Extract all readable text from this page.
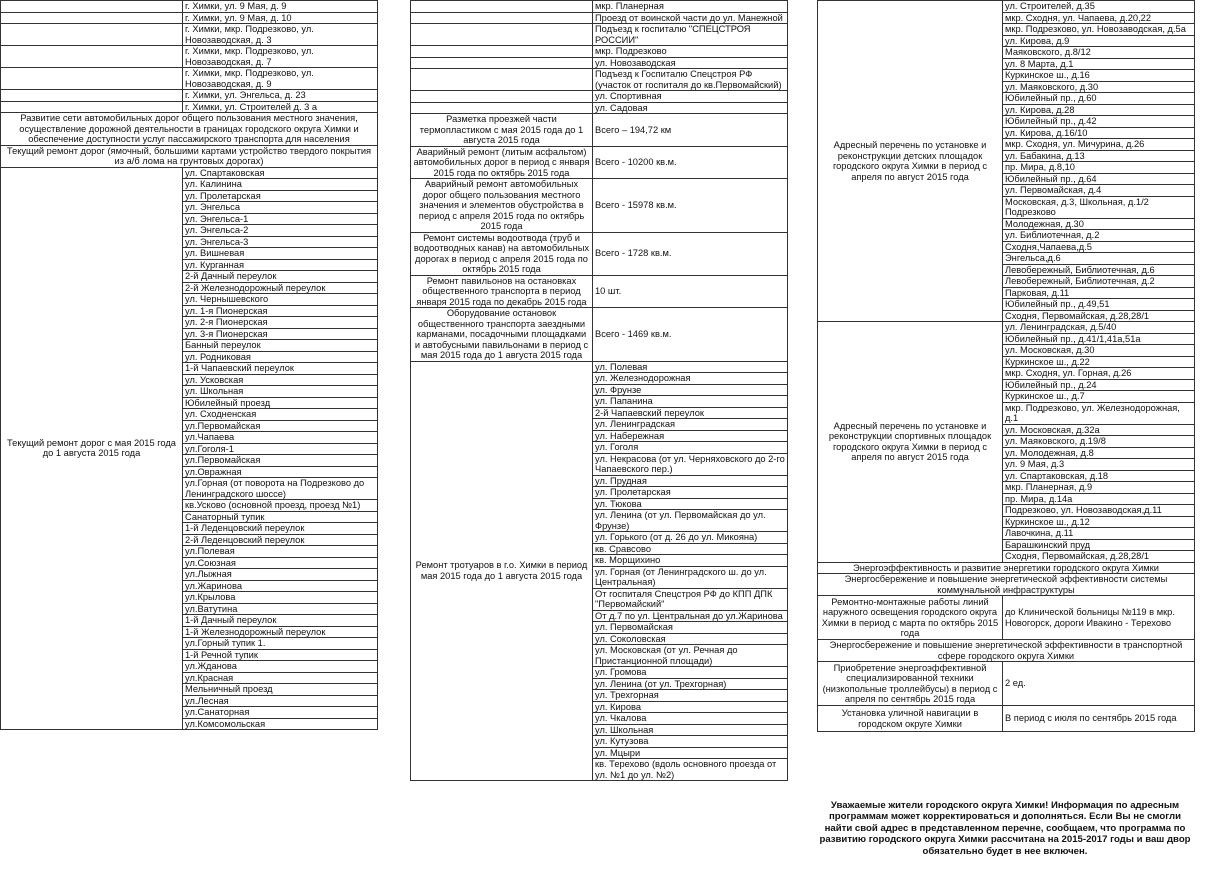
	г. Химки, ул. 9 Мая, д. 9
	г. Химки, ул. 9 Мая, д. 10
	г. Химки, мкр. Подрезково, ул. Новозаводская, д. 3
	г. Химки, мкр. Подрезково, ул. Новозаводская, д. 7
	г. Химки, мкр. Подрезково, ул. Новозаводская, д. 9
	г. Химки, ул. Энгельса, д. 23
	г. Химки, ул. Строителей д. 3 а
Развитие сети автомобильных дорог общего пользования местного значения, осуществление дорожной деятельности в границах городского округа Химки и обеспечение доступности услуг пассажирского транспорта для населения	
Текущий ремонт дорог (ямочный, большими картами устройство твердого покрытия из а/б лома на грунтовых дорогах)	
Текущий ремонт дорог с мая 2015 года до 1 августа 2015 года	ул. Спартаковская
	ул. Калинина
	ул. Пролетарская
	ул. Энгельса
	ул. Энгельса-1
	ул. Энгельса-2
	ул. Энгельса-3
	ул. Вишневая
	ул. Курганная
	2-й Дачный переулок
	2-й Железнодорожный переулок
	ул. Чернышевского
	ул. 1-я Пионерская
	ул. 2-я Пионерская
	ул. 3-я Пионерская
	Банный переулок
	ул. Родниковая
	1-й Чапаевский переулок
	ул. Усковская
	ул. Школьная
	Юбилейный проезд
	ул. Сходненская
	ул.Первомайская
	ул.Чапаева
	ул.Гоголя-1
	ул.Первомайская
	ул.Овражная
	ул.Горная (от поворота на Подрезково до Ленинградского шоссе)
	кв.Усково (основной проезд, проезд №1)
	Санаторный тупик
	1-й Леденцовский переулок
	2-й Леденцовский переулок
	ул.Полевая
	ул.Союзная
	ул.Лыжная
	ул.Жаринова
	ул.Крылова
	ул.Ватутина
	1-й Дачный переулок
	1-й Железнодорожный переулок
	ул.Горный тупик 1.
	1-й Речной тупик
	ул.Жданова
	ул.Красная
	Мельничный проезд
	ул.Лесная
	ул.Санаторная
	ул.Комсомольская
	мкр. Планерная
	Проезд от воинской части до ул. Манежной
	Подъезд к госпиталю "СПЕЦСТРОЯ РОССИИ"
	мкр. Подрезково
	ул. Новозаводская
	Подъезд к Госпиталю Спецстроя РФ (участок от госпиталя до кв.Первомайский)
	ул. Спортивная
	ул. Садовая
Разметка проезжей части термопластиком с мая 2015 года до 1 августа 2015 года	Всего – 194,72 км
Аварийный ремонт (литым асфальтом) автомобильных дорог в период с января 2015 года по октябрь 2015 года	Всего - 10200 кв.м.
Аварийный ремонт автомобильных дорог общего пользования местного значения и элементов обустройства в период с апреля 2015 года по октябрь 2015 года	Всего - 15978 кв.м.
Ремонт системы водоотвода (труб и водоотводных канав) на автомобильных дорогах в период с апреля 2015 года по октябрь 2015 года	Всего - 1728 кв.м.
Ремонт павильонов на остановках общественного транспорта в период января 2015 года по декабрь 2015 года	10 шт.
Оборудование остановок общественного транспорта заездными карманами, посадочными площадками и автобусными павильонами в период с мая 2015 года до 1 августа 2015 года	Всего - 1469 кв.м.
Ремонт тротуаров в г.о. Химки в период мая 2015 года до 1 августа 2015 года	ул. Полевая
	ул. Железнодорожная
	ул. Фрунзе
	ул. Папанина
	2-й Чапаевский переулок
	ул. Ленинградская
	ул. Набережная
	ул. Гоголя
	ул. Некрасова (от ул. Черняховского до 2-го Чапаевского пер.)
	ул. Прудная
	ул. Пролетарская
	ул. Тюкова
	ул. Ленина (от ул. Первомайская до ул. Фрунзе)
	ул. Горького (от д. 26 до ул. Микояна)
	кв. Сравсово
	кв. Морщихино
	ул. Горная (от Ленинградского ш. до ул. Центральная)
	От госпиталя Спецстроя РФ до КПП ДПК "Первомайский"
	От д.7 по ул. Центральная до ул.Жаринова
	ул. Первомайская
	ул. Соколовская
	ул. Московская (от ул. Речная до Пристанционной площади)
	ул. Громова
	ул. Ленина (от ул. Трехгорная)
	ул. Трехгорная
	ул. Кирова
	ул. Чкалова
	ул. Школьная
	ул. Кутузова
	ул. Мцыри
	кв. Терехово (вдоль основного проезда от ул. №1 до ул. №2)
Адресный перечень по установке и реконструкции детских площадок городского округа Химки в период с апреля по август 2015 года	ул. Строителей, д.35
	мкр. Сходня, ул. Чапаева, д.20,22
	мкр. Подрезково, ул. Новозаводская, д.5а
	ул. Кирова, д.9
	Маяковского, д.8/12
	ул. 8 Марта, д.1
	Куркинское ш., д.16
	ул. Маяковского, д.30
	Юбилейный пр., д.60
	ул. Кирова, д.28
	Юбилейный пр., д.42
	ул. Кирова, д.16/10
	мкр. Сходня, ул. Мичурина, д.26
	ул. Бабакина, д.13
	пр. Мира, д.8,10
	Юбилейный пр., д.64
	ул. Первомайская, д.4
	Московская, д.3, Школьная, д.1/2 Подрезково
	Молодежная, д.30
	ул. Библиотечная, д.2
	Сходня,Чапаева,д.5
	Энгельса,д.6
	Левобережный, Библиотечная, д.6
	Левобережный, Библиотечная, д.2
	Парковая, д.11
	Юбилейный пр., д.49,51
	Сходня, Первомайская, д.28,28/1
Адресный перечень по установке и реконструкции спортивных площадок городского округа Химки в период с апреля по август 2015 года	ул. Ленинградская, д.5/40
	Юбилейный пр., д.41/1,41а,51а
	ул. Московская, д.30
	Куркинское ш., д.22
	мкр. Сходня, ул. Горная, д.26
	Юбилейный пр., д.24
	Куркинское ш., д.7
	мкр. Подрезково, ул. Железнодорожная, д.1
	ул. Московская, д.32а
	ул. Маяковского, д.19/8
	ул. Молодежная, д.8
	ул. 9 Мая, д.3
	ул. Спартаковская, д.18
	мкр. Планерная, д.9
	пр. Мира, д.14а
	Подрезково, ул. Новозаводская,д.11
	Куркинское ш., д.12
	Лавочкина, д.11
	Барашкинский пруд
	Сходня, Первомайская, д.28,28/1
Энергоэффективность и развитие энергетики городского округа Химки	
Энергосбережение и повышение энергетической эффективности системы коммунальной инфраструктуры	
Ремонтно-монтажные работы линий наружного освещения городского округа Химки в период с марта по октябрь 2015 года	до Клинической больницы №119 в мкр. Новогорск, дороги Ивакино - Терехово
Энергосбережение и повышение энергетической эффективности в транспортной сфере городского округа Химки	
Приобретение энергоэффективной специализированной техники (низкопольные троллейбусы) в период с апреля по сентябрь 2015 года	2 ед.
Установка уличной навигации в городском округе Химки	В период с июля по сентябрь 2015 года
Уважаемые жители городского округа Химки! Информация по адресным программам может корректироваться и дополняться. Если Вы не смогли найти свой адрес в представленном перечне, сообщаем, что программа по развитию городского округа Химки рассчитана на 2015-2017 годы и ваш двор обязательно будет в нее включен.
